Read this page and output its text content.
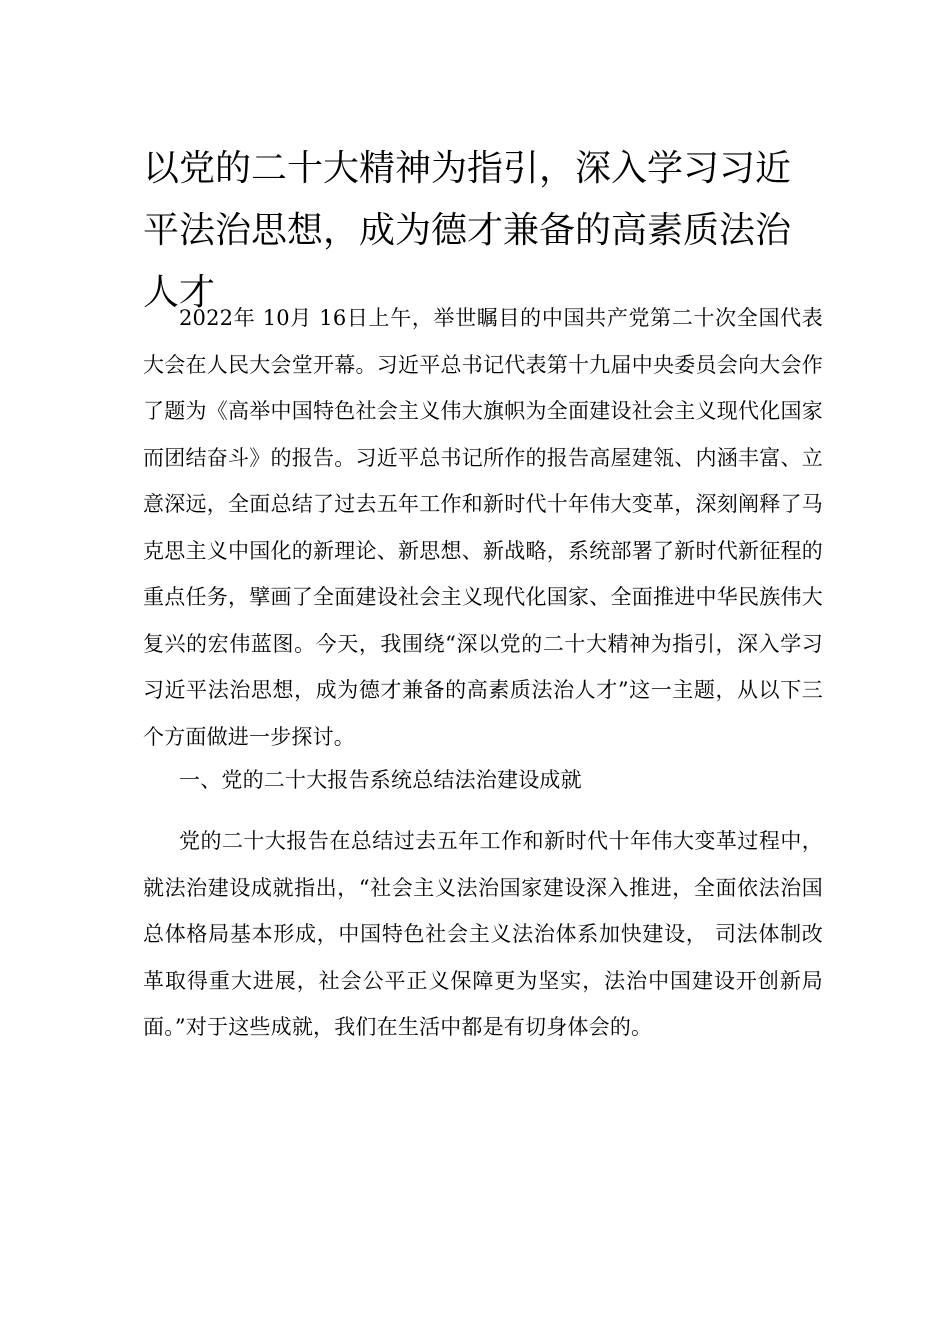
以党的二十大精神为指引，深入学习习近平法治思想，成为德才兼备的高素质法治人才

2022年 10月 16日上午，举世瞩目的中国共产党第二十次全国代表大会在人民大会堂开幕。习近平总书记代表第十九届中央委员会向大会作了题为《高举中国特色社会主义伟大旗帜为全面建设社会主义现代化国家而团结奋斗》的报告。习近平总书记所作的报告高屋建瓴、内涵丰富、立意深远，全面总结了过去五年工作和新时代十年伟大变革，深刻阐释了马克思主义中国化的新理论、新思想、新战略，系统部署了新时代新征程的重点任务，擘画了全面建设社会主义现代化国家、全面推进中华民族伟大复兴的宏伟蓝图。今天，我围绕“深以党的二十大精神为指引，深入学习习近平法治思想，成为德才兼备的高素质法治人才”这一主题，从以下三个方面做进一步探讨。

一、党的二十大报告系统总结法治建设成就

党的二十大报告在总结过去五年工作和新时代十年伟大变革过程中，就法治建设成就指出，“社会主义法治国家建设深入推进，全面依法治国总体格局基本形成，中国特色社会主义法治体系加快建设， 司法体制改革取得重大进展，社会公平正义保障更为坚实，法治中国建设开创新局面。”对于这些成就，我们在生活中都是有切身体会的。
